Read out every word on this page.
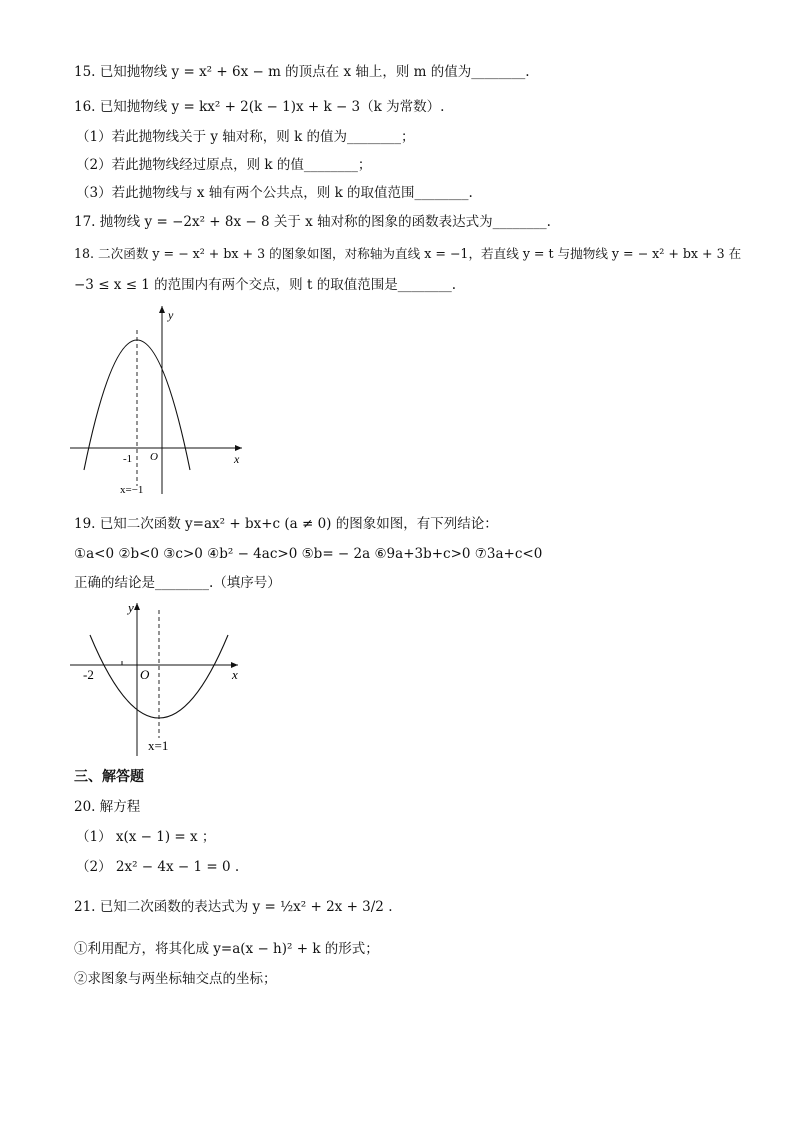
15. 已知抛物线 y = x² + 6x − m 的顶点在 x 轴上，则 m 的值为________.
16. 已知抛物线 y = kx² + 2(k − 1)x + k − 3（k 为常数）.
（1）若此抛物线关于 y 轴对称，则 k 的值为________；
（2）若此抛物线经过原点，则 k 的值________；
（3）若此抛物线与 x 轴有两个公共点，则 k 的取值范围________.
17. 抛物线 y = −2x² + 8x − 8 关于 x 轴对称的图象的函数表达式为________.
18. 二次函数 y = − x² + bx + 3 的图象如图，对称轴为直线 x = −1，若直线 y = t 与抛物线 y = − x² + bx + 3 在
−3 ≤ x ≤ 1 的范围内有两个交点，则 t 的取值范围是________.
y
x
-1 O
x=−1
19. 已知二次函数 y=ax² + bx+c (a ≠ 0) 的图象如图，有下列结论：
①a<0 ②b<0 ③c>0 ④b² − 4ac>0 ⑤b= − 2a ⑥9a+3b+c>0 ⑦3a+c<0
正确的结论是________.（填序号）
y
x
-2	O
x=1
三、解答题
20. 解方程
（1） x(x − 1) = x ；
（2） 2x² − 4x − 1 = 0 .
21. 已知二次函数的表达式为 y = ½x² + 2x + 3/2 .
①利用配方，将其化成 y=a(x − h)² + k 的形式；
②求图象与两坐标轴交点的坐标；
